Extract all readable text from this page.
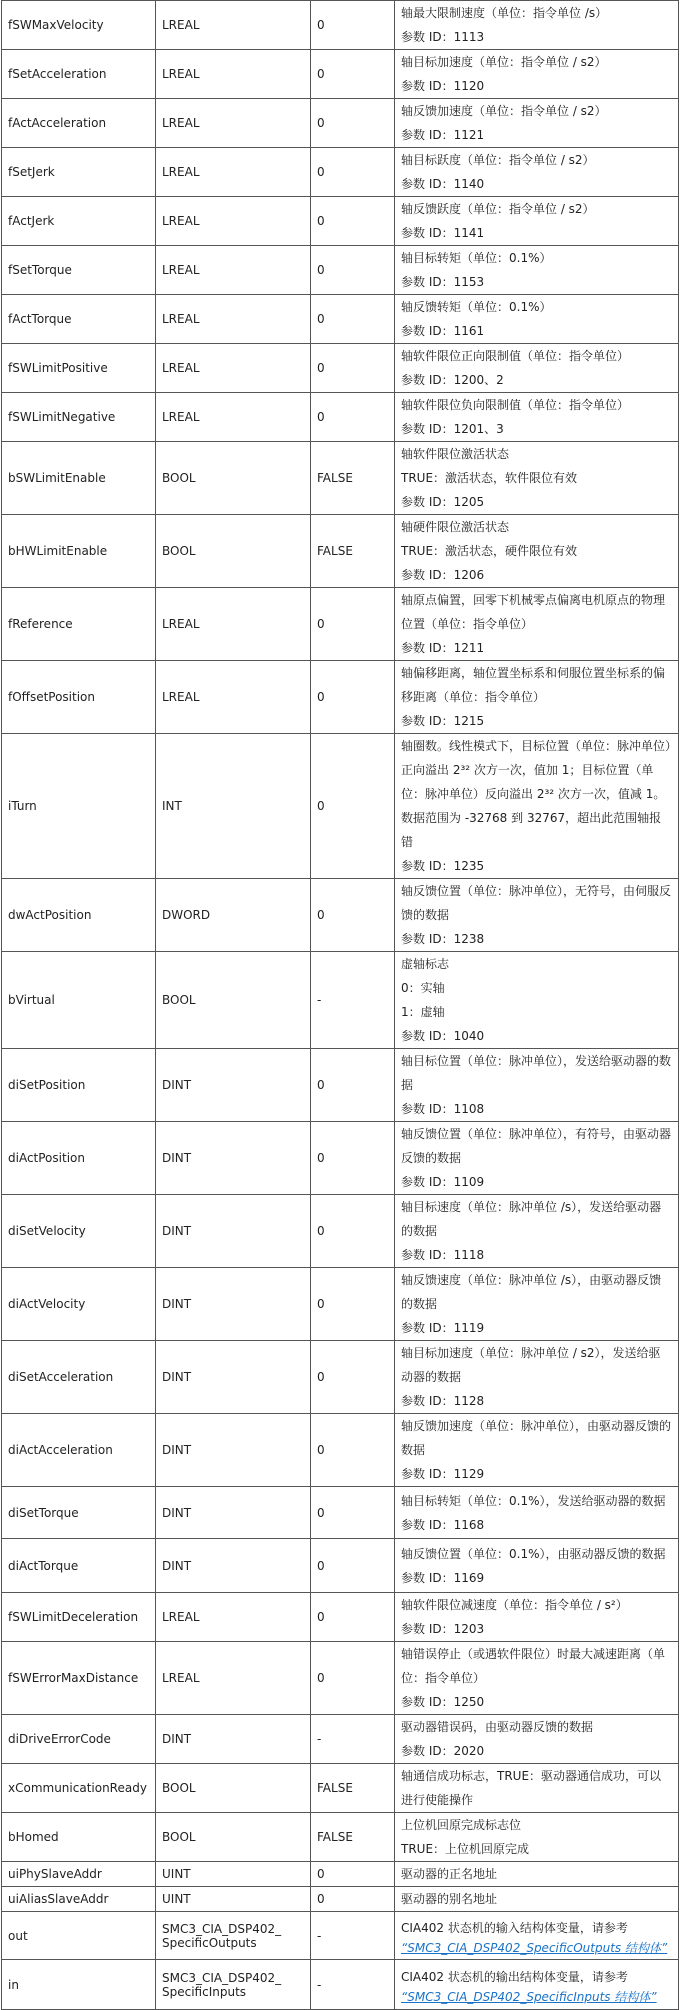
fSWMaxVelocity	LREAL	0	轴最大限制速度（单位：指令单位 /s）
参数 ID：1113

fSetAcceleration	LREAL	0	轴目标加速度（单位：指令单位 / s2）
参数 ID：1120

fActAcceleration	LREAL	0	轴反馈加速度（单位：指令单位 / s2）
参数 ID：1121

fSetJerk	LREAL	0	轴目标跃度（单位：指令单位 / s2）
参数 ID：1140

fActJerk	LREAL	0	轴反馈跃度（单位：指令单位 / s2）
参数 ID：1141

fSetTorque	LREAL	0	轴目标转矩（单位：0.1%）
参数 ID：1153

fActTorque	LREAL	0	轴反馈转矩（单位：0.1%）
参数 ID：1161

fSWLimitPositive	LREAL	0	轴软件限位正向限制值（单位：指令单位）
参数 ID：1200、2

fSWLimitNegative	LREAL	0	轴软件限位负向限制值（单位：指令单位）
参数 ID：1201、3

bSWLimitEnable	BOOL	FALSE	轴软件限位激活状态
TRUE：激活状态，软件限位有效
参数 ID：1205

bHWLimitEnable	BOOL	FALSE	轴硬件限位激活状态
TRUE：激活状态，硬件限位有效
参数 ID：1206

fReference	LREAL	0	轴原点偏置，回零下机械零点偏离电机原点的物理位置（单位：指令单位）
参数 ID：1211

fOffsetPosition	LREAL	0	轴偏移距离，轴位置坐标系和伺服位置坐标系的偏移距离（单位：指令单位）
参数 ID：1215

iTurn	INT	0	轴圈数。线性模式下，目标位置（单位：脉冲单位）正向溢出 2³² 次方一次，值加 1；目标位置（单位：脉冲单位）反向溢出 2³² 次方一次，值减 1。数据范围为 -32768 到 32767，超出此范围轴报错
参数 ID：1235

dwActPosition	DWORD	0	轴反馈位置（单位：脉冲单位），无符号，由伺服反馈的数据
参数 ID：1238

bVirtual	BOOL	-	虚轴标志
0：实轴
1：虚轴
参数 ID：1040

diSetPosition	DINT	0	轴目标位置（单位：脉冲单位），发送给驱动器的数据
参数 ID：1108

diActPosition	DINT	0	轴反馈位置（单位：脉冲单位），有符号，由驱动器反馈的数据
参数 ID：1109

diSetVelocity	DINT	0	轴目标速度（单位：脉冲单位 /s），发送给驱动器的数据
参数 ID：1118

diActVelocity	DINT	0	轴反馈速度（单位：脉冲单位 /s），由驱动器反馈的数据
参数 ID：1119

diSetAcceleration	DINT	0	轴目标加速度（单位：脉冲单位 / s2），发送给驱动器的数据
参数 ID：1128

diActAcceleration	DINT	0	轴反馈加速度（单位：脉冲单位），由驱动器反馈的数据
参数 ID：1129

diSetTorque	DINT	0	轴目标转矩（单位：0.1%），发送给驱动器的数据
参数 ID：1168

diActTorque	DINT	0	轴反馈位置（单位：0.1%），由驱动器反馈的数据
参数 ID：1169

fSWLimitDeceleration	LREAL	0	轴软件限位减速度（单位：指令单位 / s²）
参数 ID：1203

fSWErrorMaxDistance	LREAL	0	轴错误停止（或遇软件限位）时最大减速距离（单位：指令单位）
参数 ID：1250

diDriveErrorCode	DINT	-	驱动器错误码，由驱动器反馈的数据
参数 ID：2020

xCommunicationReady	BOOL	FALSE	轴通信成功标志，TRUE：驱动器通信成功，可以进行使能操作

bHomed	BOOL	FALSE	上位机回原完成标志位
TRUE：上位机回原完成

uiPhySlaveAddr	UINT	0	驱动器的正名地址

uiAliasSlaveAddr	UINT	0	驱动器的别名地址

out	SMC3_CIA_DSP402_ SpecificOutputs	-	CIA402 状态机的输入结构体变量，请参考
“SMC3_CIA_DSP402_SpecificOutputs 结构体”

in	SMC3_CIA_DSP402_ SpecificInputs	-	CIA402 状态机的输出结构体变量，请参考
“SMC3_CIA_DSP402_SpecificInputs 结构体”
